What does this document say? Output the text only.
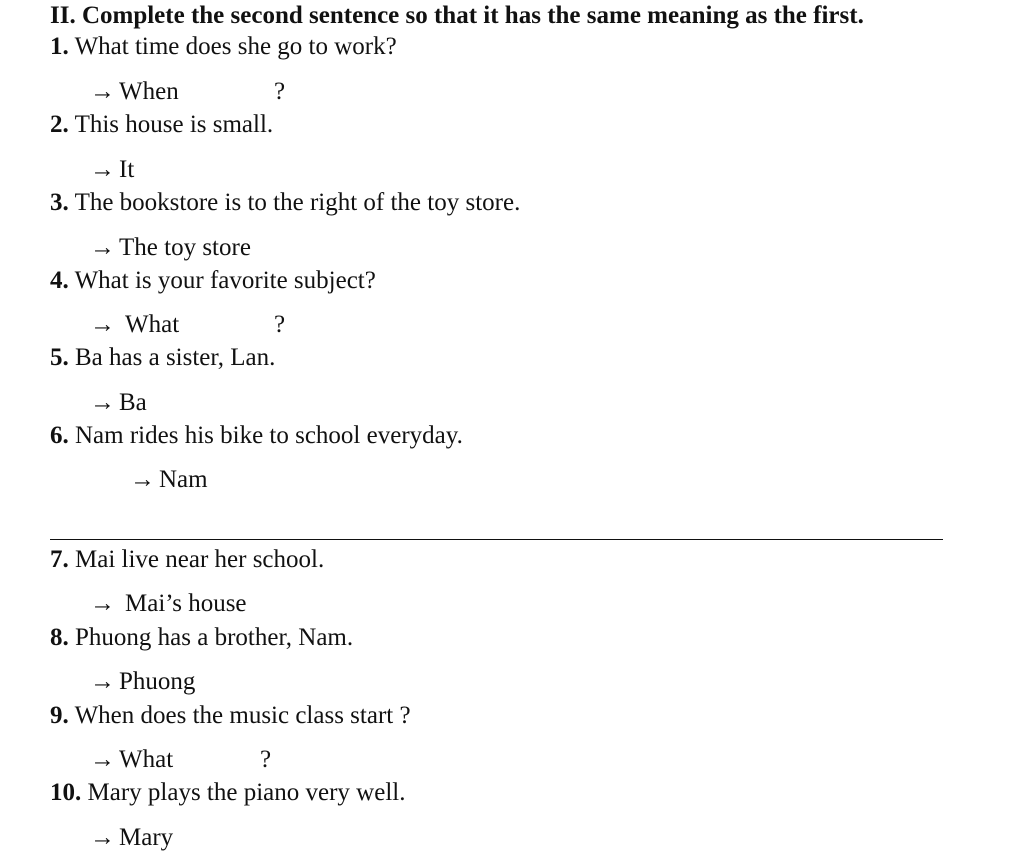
II. Complete the second sentence so that it has the same meaning as the first.
1. What time does she go to work?
→ When	?
2. This house is small.
→ It
3. The bookstore is to the right of the toy store.
→ The toy store
4. What is your favorite subject?
→ What	?
5. Ba has a sister, Lan.
→ Ba
6. Nam rides his bike to school everyday.
→ Nam
7. Mai live near her school.
→ Mai’s house
8. Phuong has a brother, Nam.
→ Phuong
9. When does the music class start ?
→ What	?
10. Mary plays the piano very well.
→ Mary
